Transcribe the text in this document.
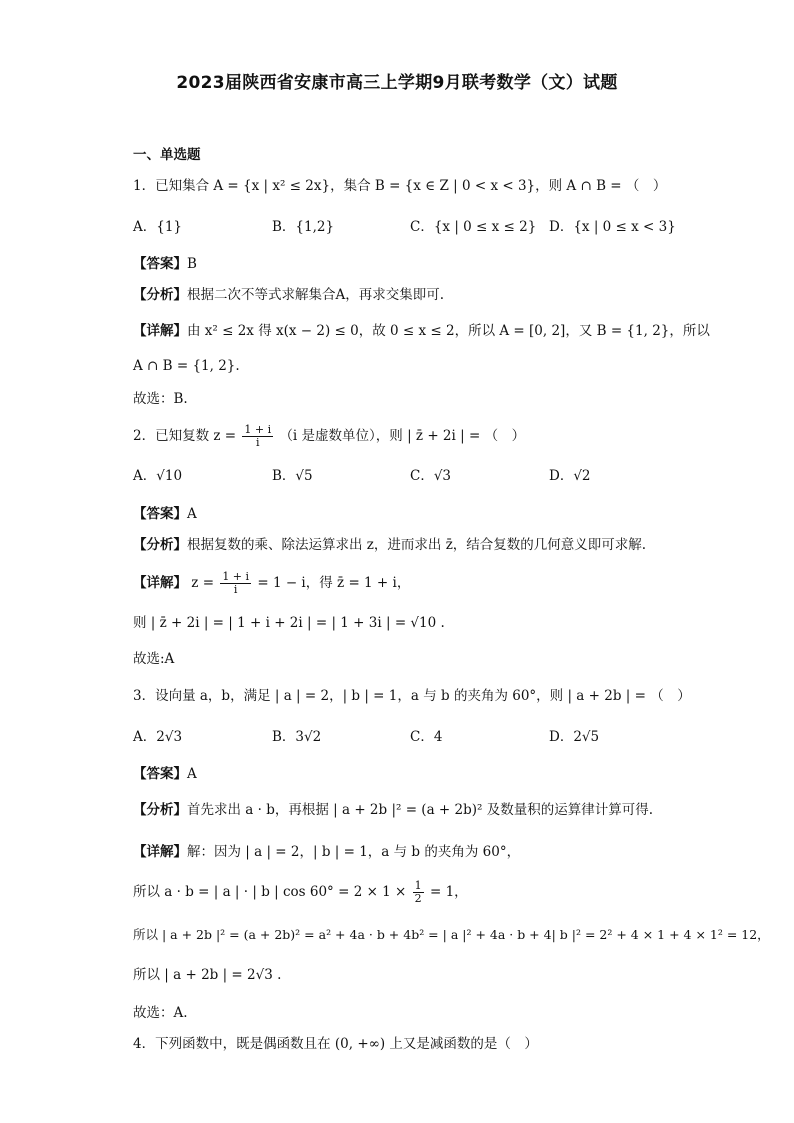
2023届陕西省安康市高三上学期9月联考数学（文）试题
一、单选题
1．已知集合 A = {x | x² ≤ 2x}，集合 B = {x ∈ Z | 0 < x < 3}，则 A ∩ B = （　）
A．{1}	B．{1,2}	C．{x | 0 ≤ x ≤ 2} D．{x | 0 ≤ x < 3}
【答案】B
【分析】根据二次不等式求解集合A，再求交集即可.
【详解】由 x² ≤ 2x 得 x(x − 2) ≤ 0，故 0 ≤ x ≤ 2，所以 A = [0, 2]，又 B = {1, 2}，所以
A ∩ B = {1, 2}.
故选：B.
2．已知复数 $z = \frac{1 + i}{i} (i$ 是虚数单位），则 | z̄ + 2i | = （　）
A．√10	B．√5	C．√3	D．√2
【答案】A
【分析】根据复数的乘、除法运算求出 z，进而求出 z̄，结合复数的几何意义即可求解.
【详解】 $z = \frac{1 + i}{i} = 1 - i$，得 z̄ = 1 + i，
则 | z̄ + 2i | = | 1 + i + 2i | = | 1 + 3i | = √10 .
故选:A
3．设向量 a，b，满足 | a | = 2，| b | = 1，a 与 b 的夹角为 60°，则 | a + 2b | = （　）
A．2√3	B．3√2	C．4	D．2√5
【答案】A
【分析】首先求出 a · b，再根据 | a + 2b |² = (a + 2b)² 及数量积的运算律计算可得.
【详解】解：因为 | a | = 2，| b | = 1，a 与 b 的夹角为 60°，
所以 a · b = | a | · | b | $\cos 60^\circ = 2 \times 1 \times \frac{1}{2} = 1$，
所以 | a + 2b |² = (a + 2b)² = a² + 4a · b + 4b² = | a |² + 4a · b + 4| b |² = 2² + 4 × 1 + 4 × 1² = 12，
所以 | a + 2b | = 2√3 .
故选：A.
4．下列函数中，既是偶函数且在 (0, +∞) 上又是减函数的是（　）
